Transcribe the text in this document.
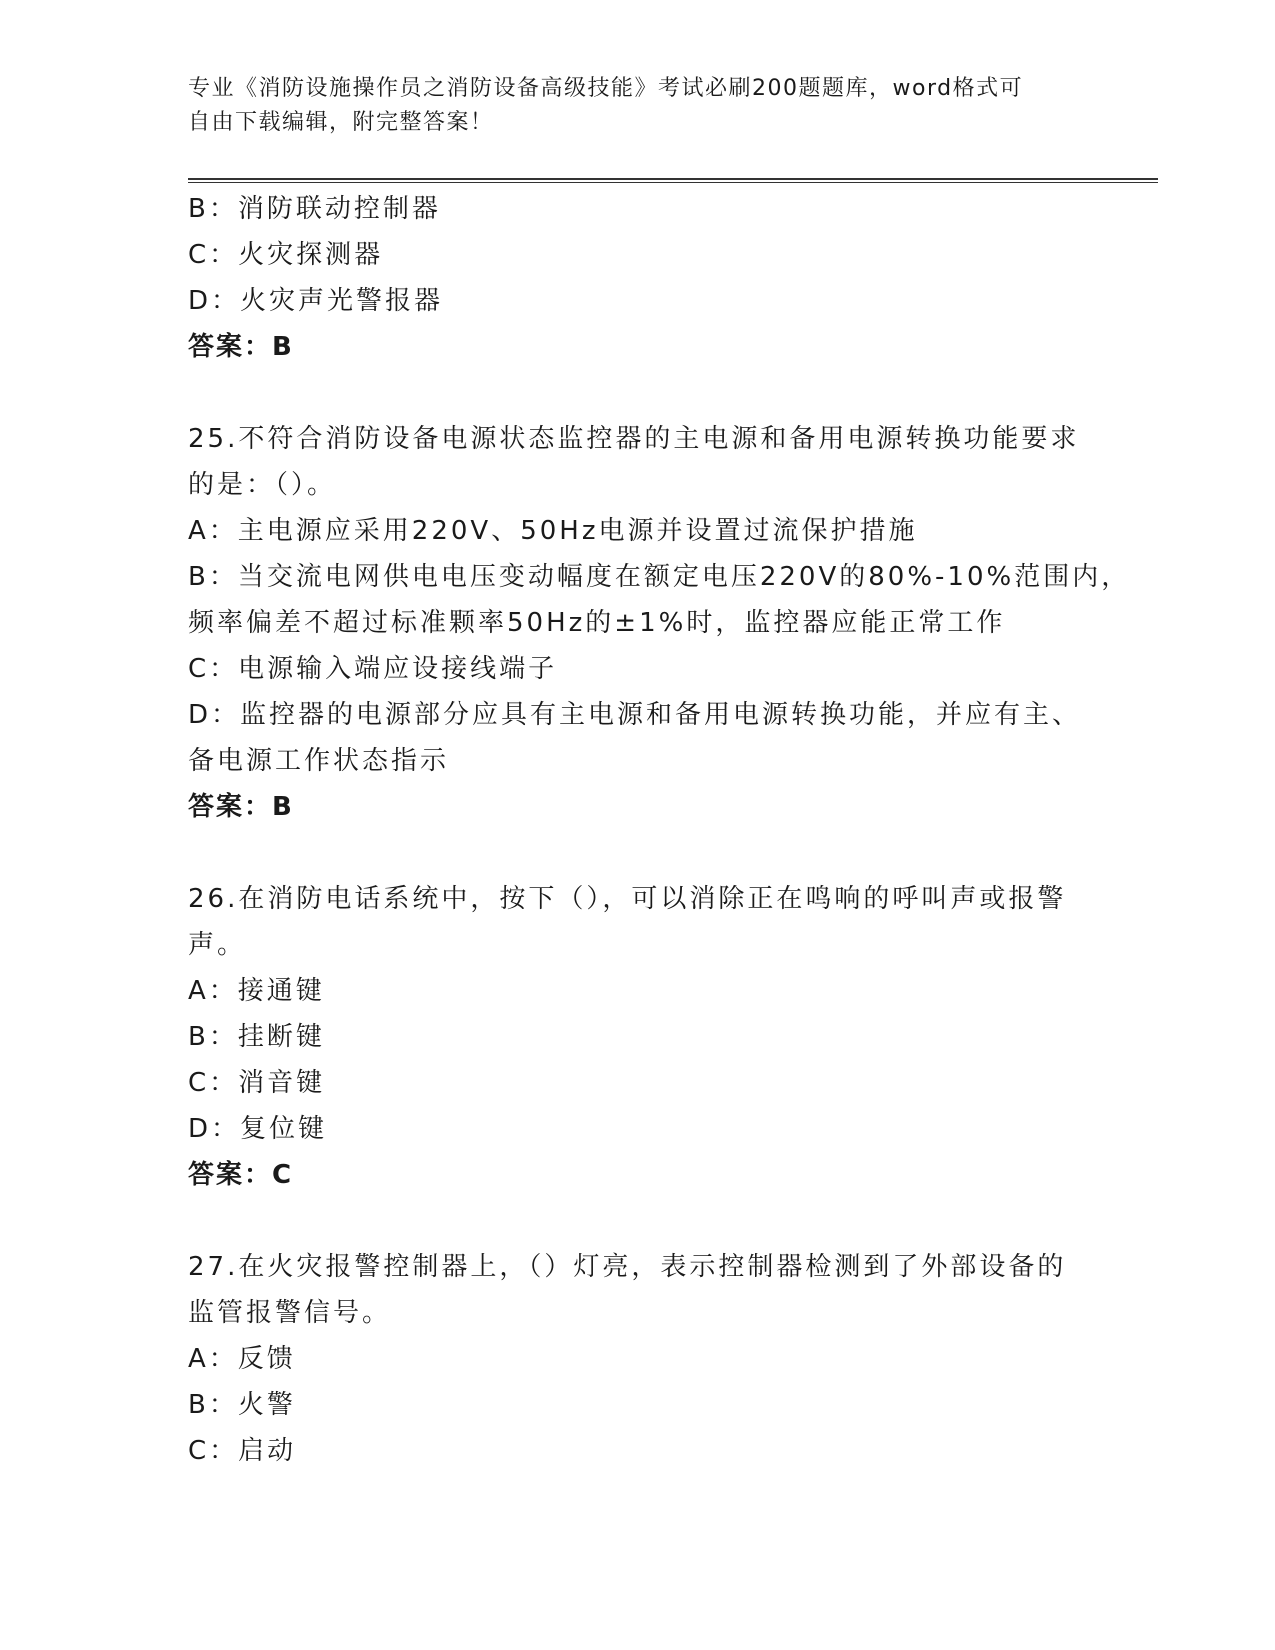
专业《消防设施操作员之消防设备高级技能》考试必刷200题题库，word格式可
自由下载编辑，附完整答案！
B：消防联动控制器
C：火灾探测器
D：火灾声光警报器
答案：B
25.不符合消防设备电源状态监控器的主电源和备用电源转换功能要求
的是：（）。
A：主电源应采用220V、50Hz电源并设置过流保护措施
B：当交流电网供电电压变动幅度在额定电压220V的80%-10%范围内，
频率偏差不超过标准颗率50Hz的±1%时，监控器应能正常工作
C：电源输入端应设接线端子
D：监控器的电源部分应具有主电源和备用电源转换功能，并应有主、
备电源工作状态指示
答案：B
26.在消防电话系统中，按下（），可以消除正在鸣响的呼叫声或报警
声。
A：接通键
B：挂断键
C：消音键
D：复位键
答案：C
27.在火灾报警控制器上，（）灯亮，表示控制器检测到了外部设备的
监管报警信号。
A：反馈
B：火警
C：启动
